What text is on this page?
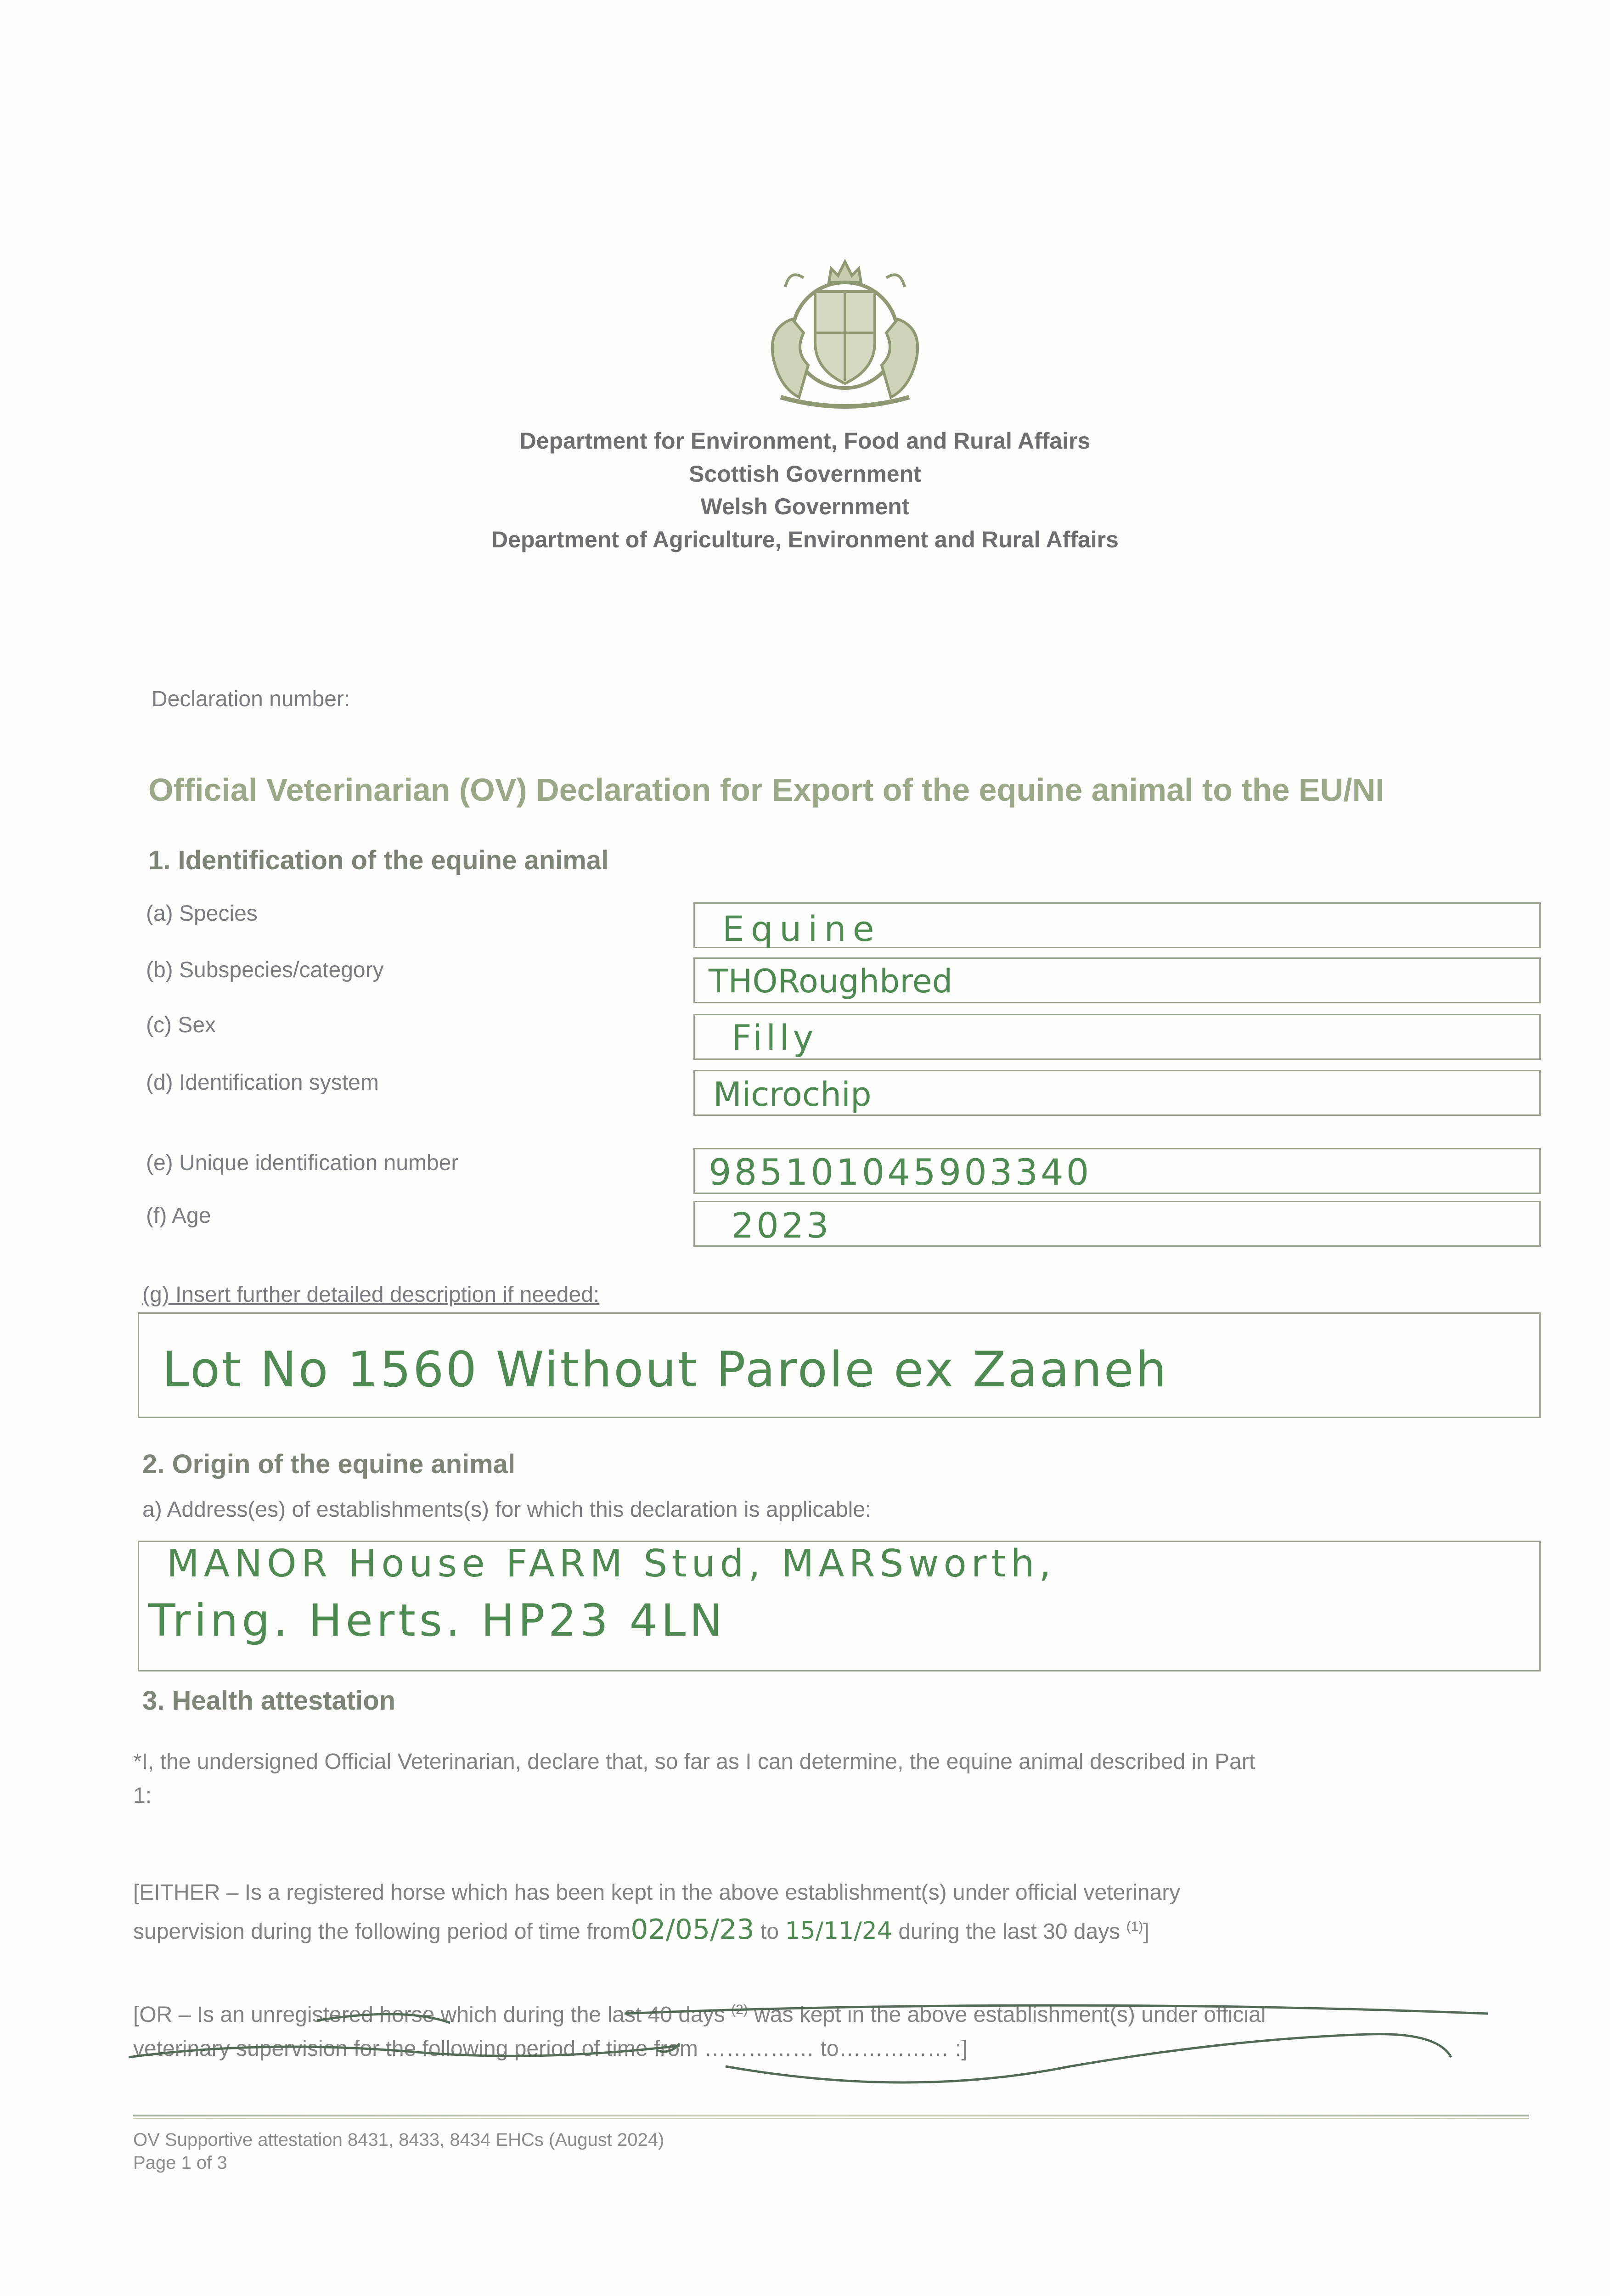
Department for Environment, Food and Rural Affairs
Scottish Government
Welsh Government
Department of Agriculture, Environment and Rural Affairs
Declaration number:
Official Veterinarian (OV) Declaration for Export of the equine animal to the EU/NI
1. Identification of the equine animal
(a) Species	Equine
(b) Subspecies/category	THORoughbred
(c) Sex	Filly
(d) Identification system	Microchip
(e) Unique identification number	985101045903340
(f) Age	2023
(g) Insert further detailed description if needed:
Lot No 1560 Without Parole ex Zaaneh
2. Origin of the equine animal
a) Address(es) of establishments(s) for which this declaration is applicable:
MANOR House FARM Stud, MARSworth,
Tring. Herts. HP23 4LN
3. Health attestation
*I, the undersigned Official Veterinarian, declare that, so far as I can determine, the equine animal described in Part
1:
[EITHER – Is a registered horse which has been kept in the above establishment(s) under official veterinary
supervision during the following period of time from02/05/23 to 15/11/24 during the last 30 days $^{(1)}$]
[OR – Is an unregistered horse which during the last 40 days $^{(2)}$ was kept in the above establishment(s) under official
veterinary supervision for the following period of time from …………… to…………… :]
OV Supportive attestation 8431, 8433, 8434 EHCs (August 2024)
Page 1 of 3
